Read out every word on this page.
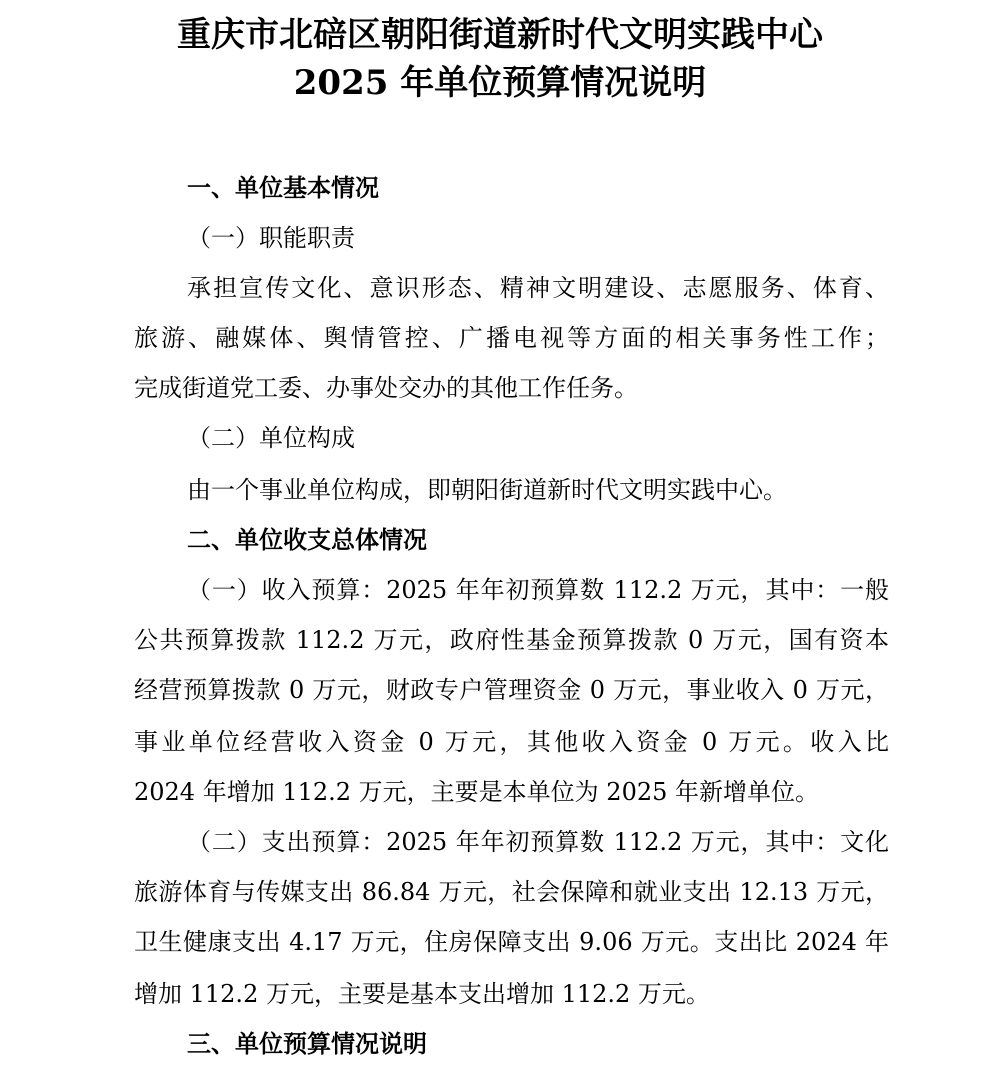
重庆市北碚区朝阳街道新时代文明实践中心
2025 年单位预算情况说明
一、单位基本情况
（一）职能职责
承担宣传文化、意识形态、精神文明建设、志愿服务、体育、
旅游、融媒体、舆情管控、广播电视等方面的相关事务性工作；
完成街道党工委、办事处交办的其他工作任务。
（二）单位构成
由一个事业单位构成，即朝阳街道新时代文明实践中心。
二、单位收支总体情况
（一）收入预算：2025 年年初预算数 112.2 万元，其中：一般
公共预算拨款 112.2 万元，政府性基金预算拨款 0 万元，国有资本
经营预算拨款 0 万元，财政专户管理资金 0 万元，事业收入 0 万元，
事业单位经营收入资金 0 万元，其他收入资金 0 万元。收入比
2024 年增加 112.2 万元，主要是本单位为 2025 年新增单位。
（二）支出预算：2025 年年初预算数 112.2 万元，其中：文化
旅游体育与传媒支出 86.84 万元，社会保障和就业支出 12.13 万元，
卫生健康支出 4.17 万元，住房保障支出 9.06 万元。支出比 2024 年
增加 112.2 万元，主要是基本支出增加 112.2 万元。
三、单位预算情况说明
